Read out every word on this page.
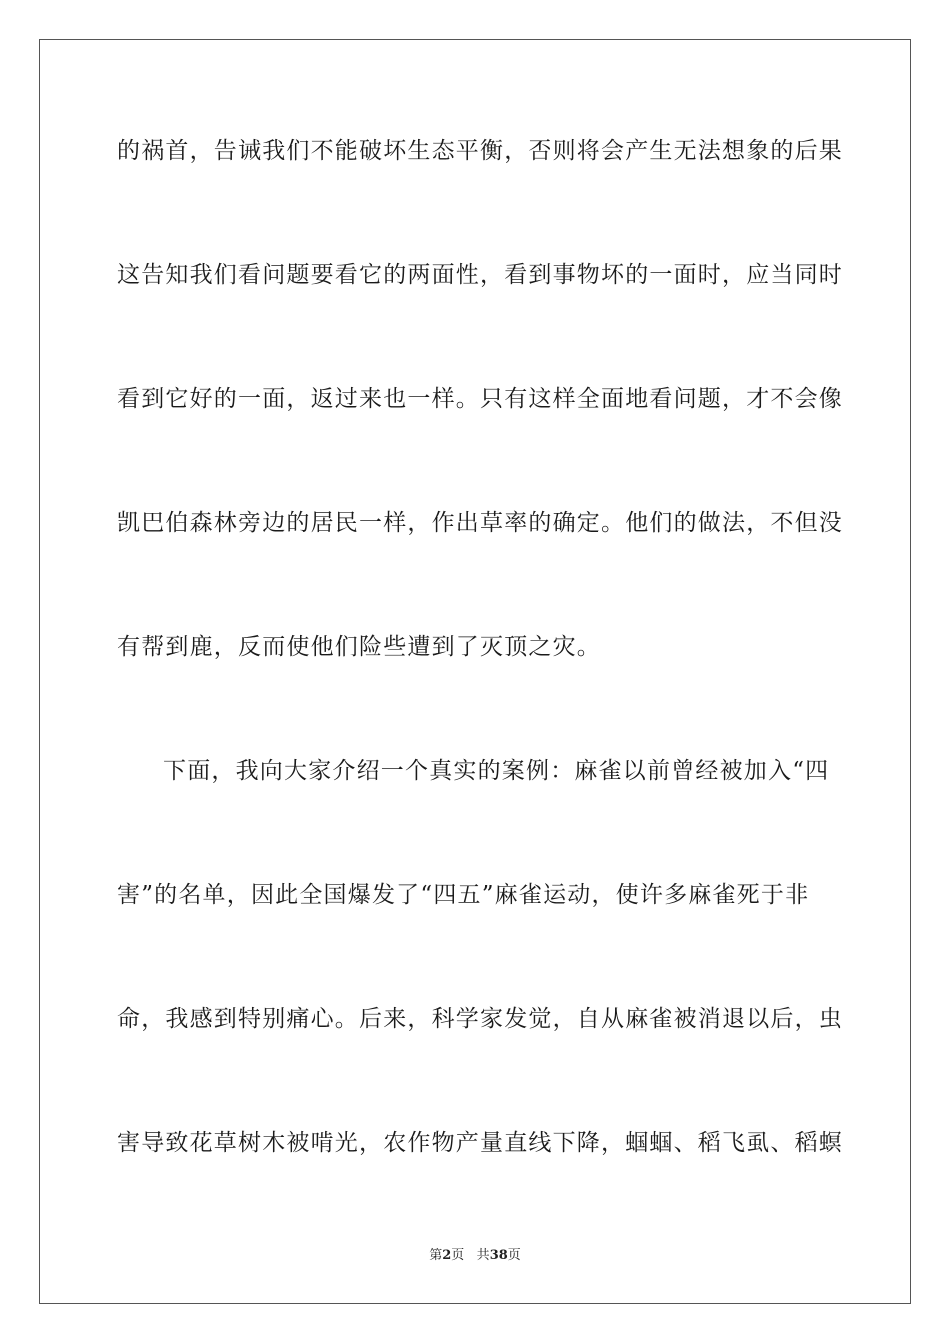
的祸首，告诫我们不能破坏生态平衡，否则将会产生无法想象的后果
这告知我们看问题要看它的两面性，看到事物坏的一面时，应当同时
看到它好的一面，返过来也一样。只有这样全面地看问题，才不会像
凯巴伯森林旁边的居民一样，作出草率的确定。他们的做法，不但没
有帮到鹿，反而使他们险些遭到了灭顶之灾。
下面，我向大家介绍一个真实的案例：麻雀以前曾经被加入“四
害”的名单，因此全国爆发了“四五”麻雀运动，使许多麻雀死于非
命，我感到特别痛心。后来，科学家发觉，自从麻雀被消退以后，虫
害导致花草树木被啃光，农作物产量直线下降，蝈蝈、稻飞虱、稻螟
第2页 共38页
